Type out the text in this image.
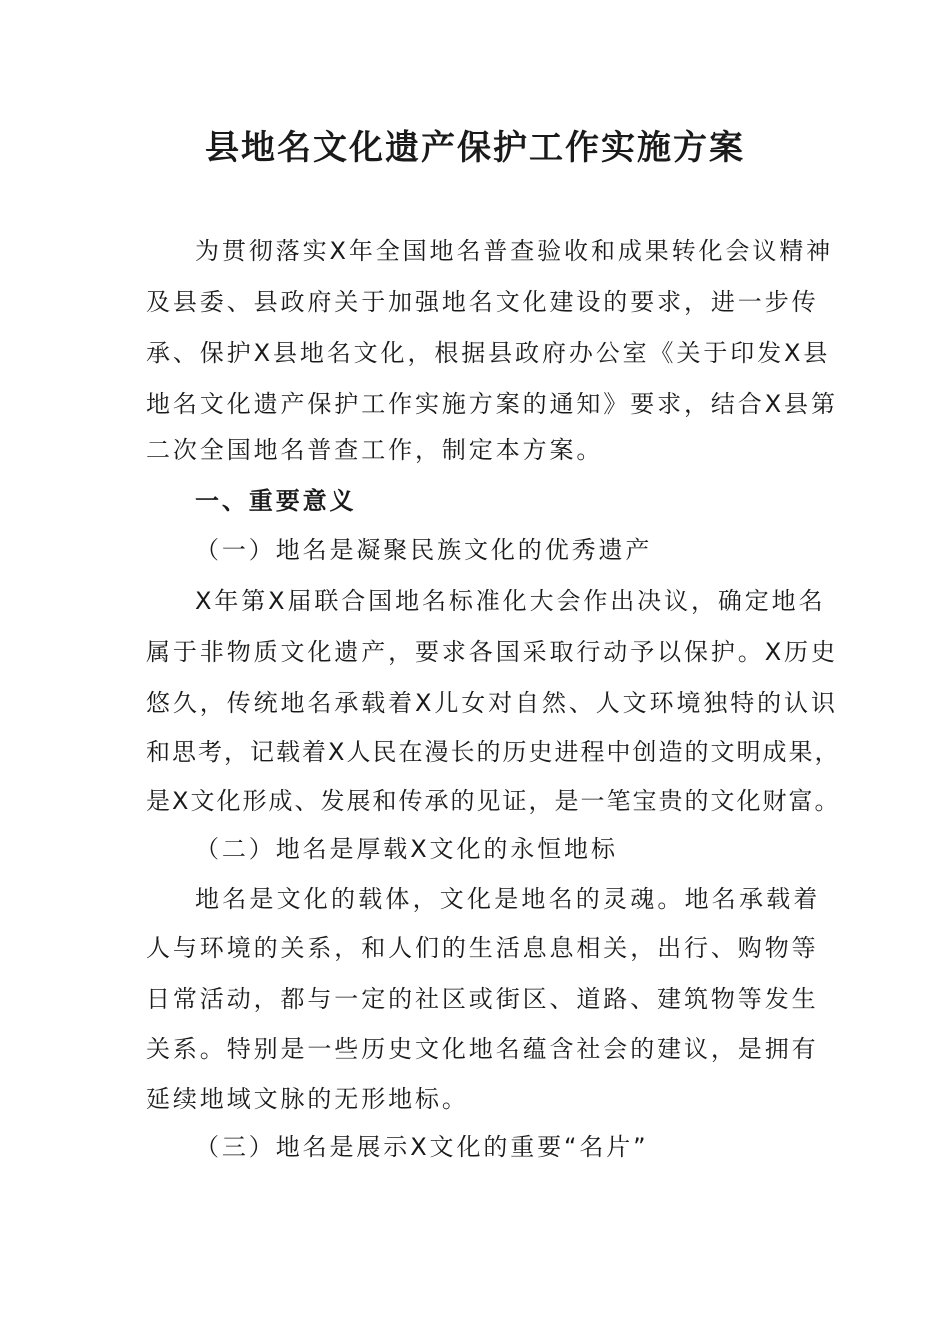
县地名文化遗产保护工作实施方案

为贯彻落实X年全国地名普查验收和成果转化会议精神

及县委、县政府关于加强地名文化建设的要求，进一步传

承、保护X县地名文化，根据县政府办公室《关于印发X县

地名文化遗产保护工作实施方案的通知》要求，结合X县第

二次全国地名普查工作，制定本方案。

一、重要意义

（一）地名是凝聚民族文化的优秀遗产

X年第X届联合国地名标准化大会作出决议，确定地名

属于非物质文化遗产，要求各国采取行动予以保护。X历史

悠久，传统地名承载着X儿女对自然、人文环境独特的认识

和思考，记载着X人民在漫长的历史进程中创造的文明成果，

是X文化形成、发展和传承的见证，是一笔宝贵的文化财富。

（二）地名是厚载X文化的永恒地标

地名是文化的载体，文化是地名的灵魂。地名承载着

人与环境的关系，和人们的生活息息相关，出行、购物等

日常活动，都与一定的社区或街区、道路、建筑物等发生

关系。特别是一些历史文化地名蕴含社会的建议，是拥有

延续地域文脉的无形地标。

（三）地名是展示X文化的重要“名片”
